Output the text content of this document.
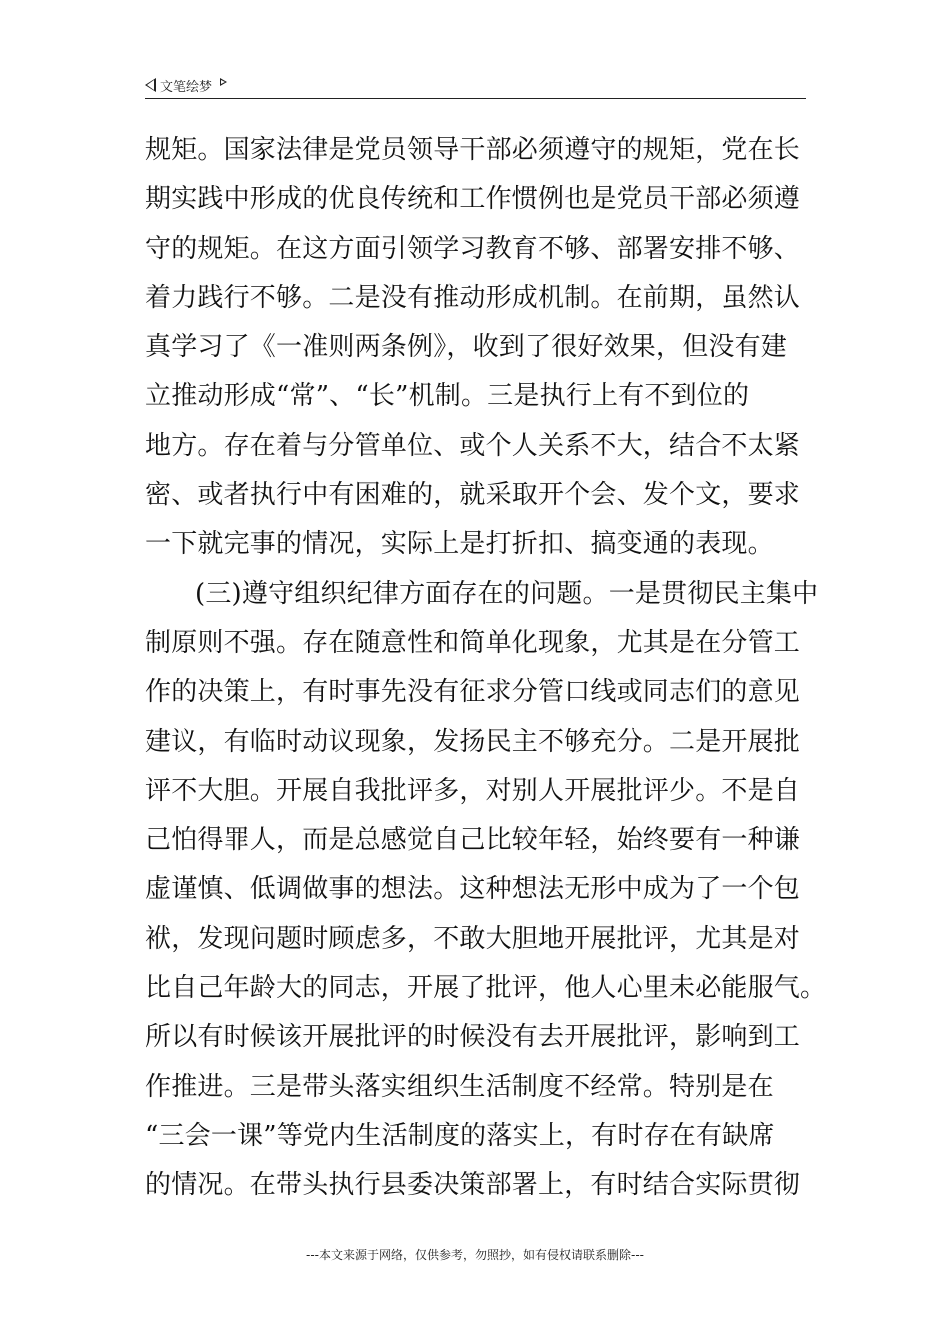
文笔绘梦
规矩。国家法律是党员领导干部必须遵守的规矩，党在长
期实践中形成的优良传统和工作惯例也是党员干部必须遵
守的规矩。在这方面引领学习教育不够、部署安排不够、
着力践行不够。二是没有推动形成机制。在前期，虽然认
真学习了《一准则两条例》，收到了很好效果，但没有建
立推动形成“常”、“长”机制。三是执行上有不到位的
地方。存在着与分管单位、或个人关系不大，结合不太紧
密、或者执行中有困难的，就采取开个会、发个文，要求
一下就完事的情况，实际上是打折扣、搞变通的表现。
(三)遵守组织纪律方面存在的问题。一是贯彻民主集中
制原则不强。存在随意性和简单化现象，尤其是在分管工
作的决策上，有时事先没有征求分管口线或同志们的意见
建议，有临时动议现象，发扬民主不够充分。二是开展批
评不大胆。开展自我批评多，对别人开展批评少。不是自
己怕得罪人，而是总感觉自己比较年轻，始终要有一种谦
虚谨慎、低调做事的想法。这种想法无形中成为了一个包
袱，发现问题时顾虑多，不敢大胆地开展批评，尤其是对
比自己年龄大的同志，开展了批评，他人心里未必能服气。
所以有时候该开展批评的时候没有去开展批评，影响到工
作推进。三是带头落实组织生活制度不经常。特别是在
“三会一课”等党内生活制度的落实上，有时存在有缺席
的情况。在带头执行县委决策部署上，有时结合实际贯彻
---本文来源于网络，仅供参考，勿照抄，如有侵权请联系删除---
